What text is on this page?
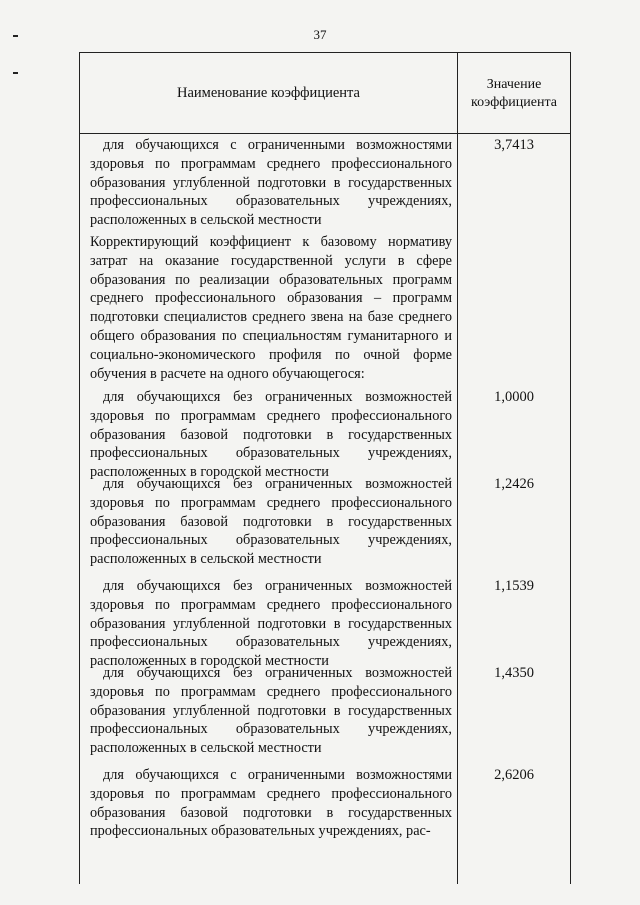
37
Наименование коэффициента	Значение
коэффициента
для обучающихся с ограниченными возможностями здоровья по программам среднего профессионального образования углубленной подготовки в государственных профессиональных образовательных учреждениях, расположенных в сельской местности
3,7413
Корректирующий коэффициент к базовому нормативу затрат на оказание государственной услуги в сфере образования по реализации образовательных программ среднего профессионального образования – программ подготовки специалистов среднего звена на базе среднего общего образования по специальностям гуманитарного и социально-экономического профиля по очной форме обучения в расчете на одного обучающегося:
для обучающихся без ограниченных возможностей здоровья по программам среднего профессионального образования базовой подготовки в государственных профессиональных образовательных учреждениях, расположенных в городской местности
1,0000
для обучающихся без ограниченных возможностей здоровья по программам среднего профессионального образования базовой подготовки в государственных профессиональных образовательных учреждениях, расположенных в сельской местности
1,2426
для обучающихся без ограниченных возможностей здоровья по программам среднего профессионального образования углубленной подготовки в государственных профессиональных образовательных учреждениях, расположенных в городской местности
1,1539
для обучающихся без ограниченных возможностей здоровья по программам среднего профессионального образования углубленной подготовки в государственных профессиональных образовательных учреждениях, расположенных в сельской местности
1,4350
для обучающихся с ограниченными возможностями здоровья по программам среднего профессионального образования базовой подготовки в государственных профессиональных образовательных учреждениях, рас-
2,6206
